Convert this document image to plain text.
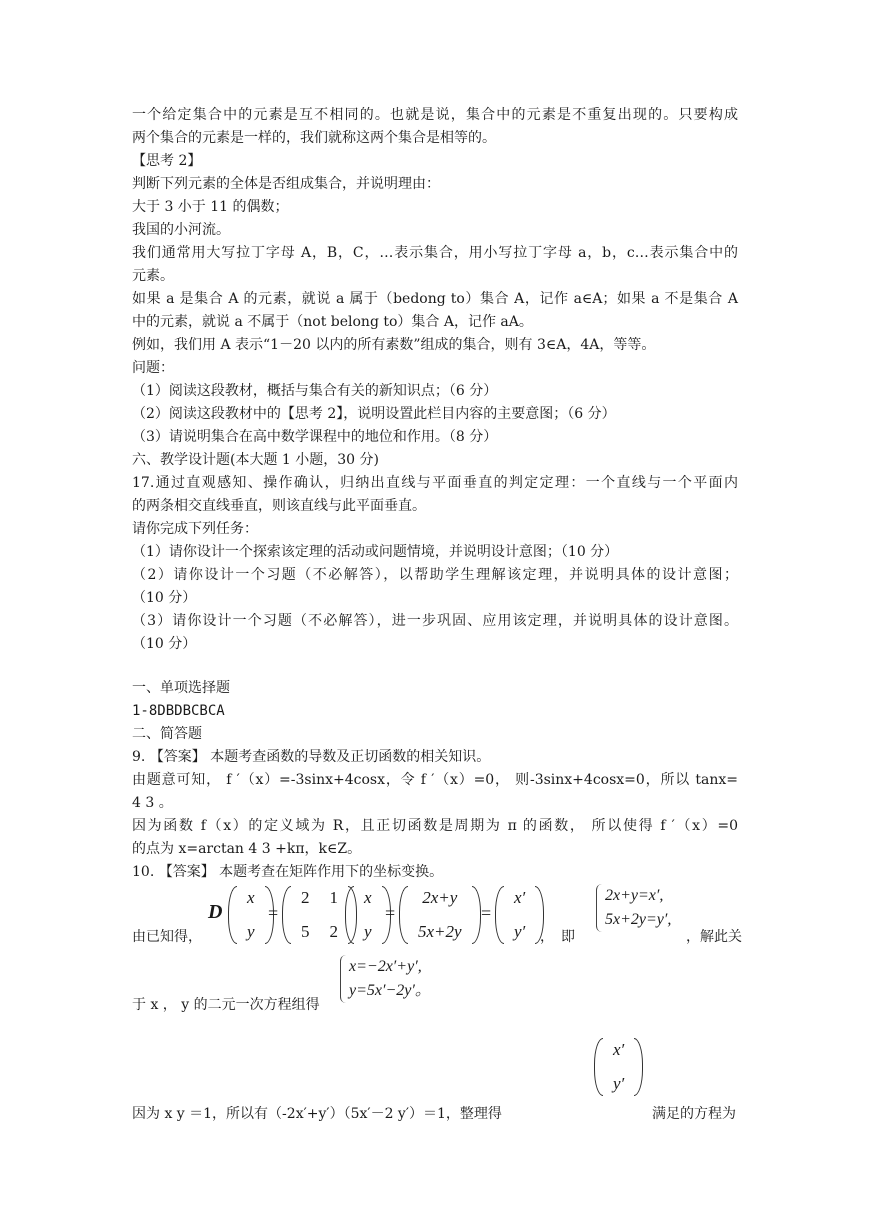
一个给定集合中的元素是互不相同的。也就是说，集合中的元素是不重复出现的。只要构成
两个集合的元素是一样的，我们就称这两个集合是相等的。
【思考 2】
判断下列元素的全体是否组成集合，并说明理由：
大于 3 小于 11 的偶数；
我国的小河流。
我们通常用大写拉丁字母 A，B，C，…表示集合，用小写拉丁字母 a，b，c…表示集合中的
元素。
如果 a 是集合 A 的元素，就说 a 属于（bedong to）集合 A，记作 a∈A；如果 a 不是集合 A
中的元素，就说 a 不属于（not belong to）集合 A，记作 aA。
例如，我们用 A 表示“1－20 以内的所有素数”组成的集合，则有 3∈A，4A，等等。
问题：
（1）阅读这段教材，概括与集合有关的新知识点；（6 分）
（2）阅读这段教材中的【思考 2】，说明设置此栏目内容的主要意图；（6 分）
（3）请说明集合在高中数学课程中的地位和作用。（8 分）
六、教学设计题(本大题 1 小题，30 分)
17.通过直观感知、操作确认，归纳出直线与平面垂直的判定定理：一个直线与一个平面内
的两条相交直线垂直，则该直线与此平面垂直。
请你完成下列任务：
（1）请你设计一个探索该定理的活动或问题情境，并说明设计意图；（10 分）
（2）请你设计一个习题（不必解答），以帮助学生理解该定理，并说明具体的设计意图；
（10 分）
（3）请你设计一个习题（不必解答），进一步巩固、应用该定理，并说明具体的设计意图。
（10 分）
一、单项选择题
1-8DBDBCBCA
二、简答题
9. 【答案】 本题考查函数的导数及正切函数的相关知识。
由题意可知， f ′（x）=-3sinx+4cosx，令 f ′（x）=0， 则-3sinx+4cosx=0，所以 tanx=
4 3 。
因为函数 f（x）的定义域为 R，且正切函数是周期为 π 的函数， 所以使得 f ′（x）=0
的点为 x=arctan 4 3 +kπ，k∈Z。
10. 【答案】 本题考查在矩阵作用下的坐标变换。
由已知得，
D
x
y
=
2 1
5 2
x
y
=
2x+y
5x+2y
=
x′
y′ ，　即
2x+y=x′,
5x+2y=y′,
，解此关
于 x ， y 的二元一次方程组得
x=−2x′+y′,
y=5x′−2y′。
因为 x y ＝1，所以有（-2x′+y′）（5x′－2 y′）＝1，整理得
x′
y′
满足的方程为
